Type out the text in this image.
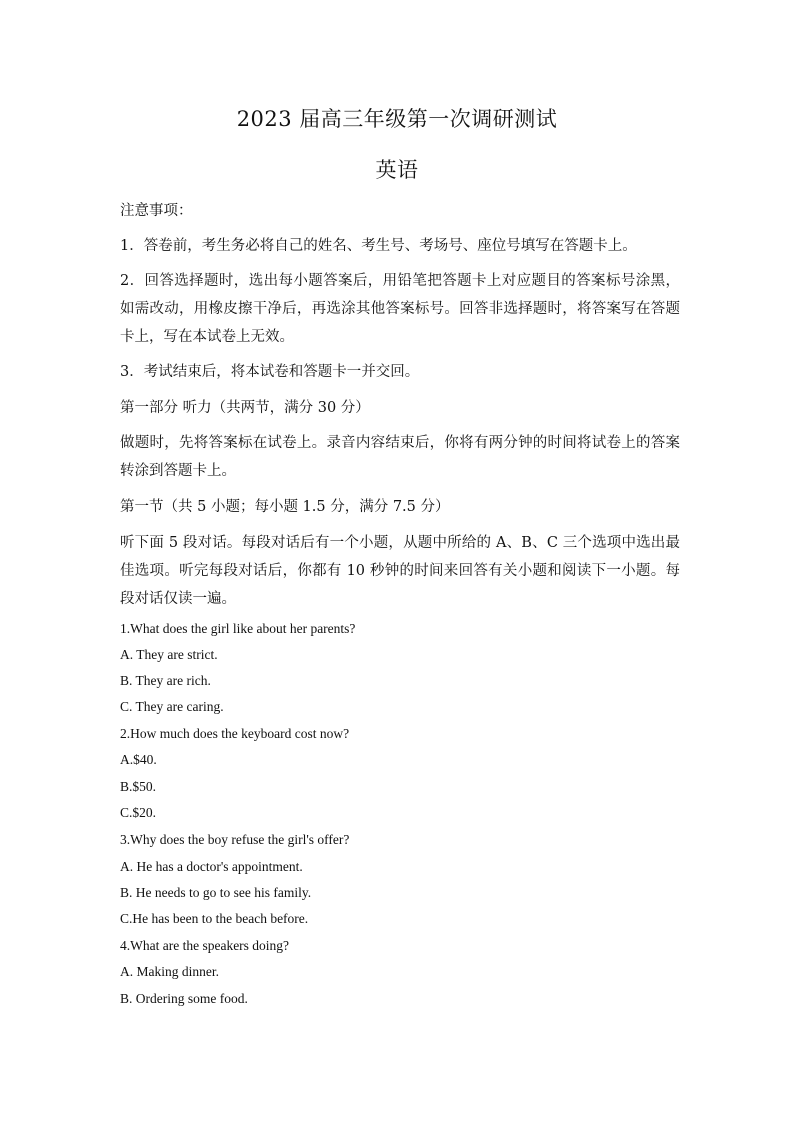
2023 届高三年级第一次调研测试
英语
注意事项：
1．答卷前，考生务必将自己的姓名、考生号、考场号、座位号填写在答题卡上。
2．回答选择题时，选出每小题答案后，用铅笔把答题卡上对应题目的答案标号涂黑，如需改动，用橡皮擦干净后，再选涂其他答案标号。回答非选择题时，将答案写在答题卡上，写在本试卷上无效。
3．考试结束后，将本试卷和答题卡一并交回。
第一部分 听力（共两节，满分 30 分）
做题时，先将答案标在试卷上。录音内容结束后，你将有两分钟的时间将试卷上的答案转涂到答题卡上。
第一节（共 5 小题；每小题 1.5 分，满分 7.5 分）
听下面 5 段对话。每段对话后有一个小题，从题中所给的 A、B、C 三个选项中选出最佳选项。听完每段对话后，你都有 10 秒钟的时间来回答有关小题和阅读下一小题。每段对话仅读一遍。
1.What does the girl like about her parents?
A. They are strict.
B. They are rich.
C. They are caring.
2.How much does the keyboard cost now?
A.$40.
B.$50.
C.$20.
3.Why does the boy refuse the girl's offer?
A. He has a doctor's appointment.
B. He needs to go to see his family.
C.He has been to the beach before.
4.What are the speakers doing?
A. Making dinner.
B. Ordering some food.
